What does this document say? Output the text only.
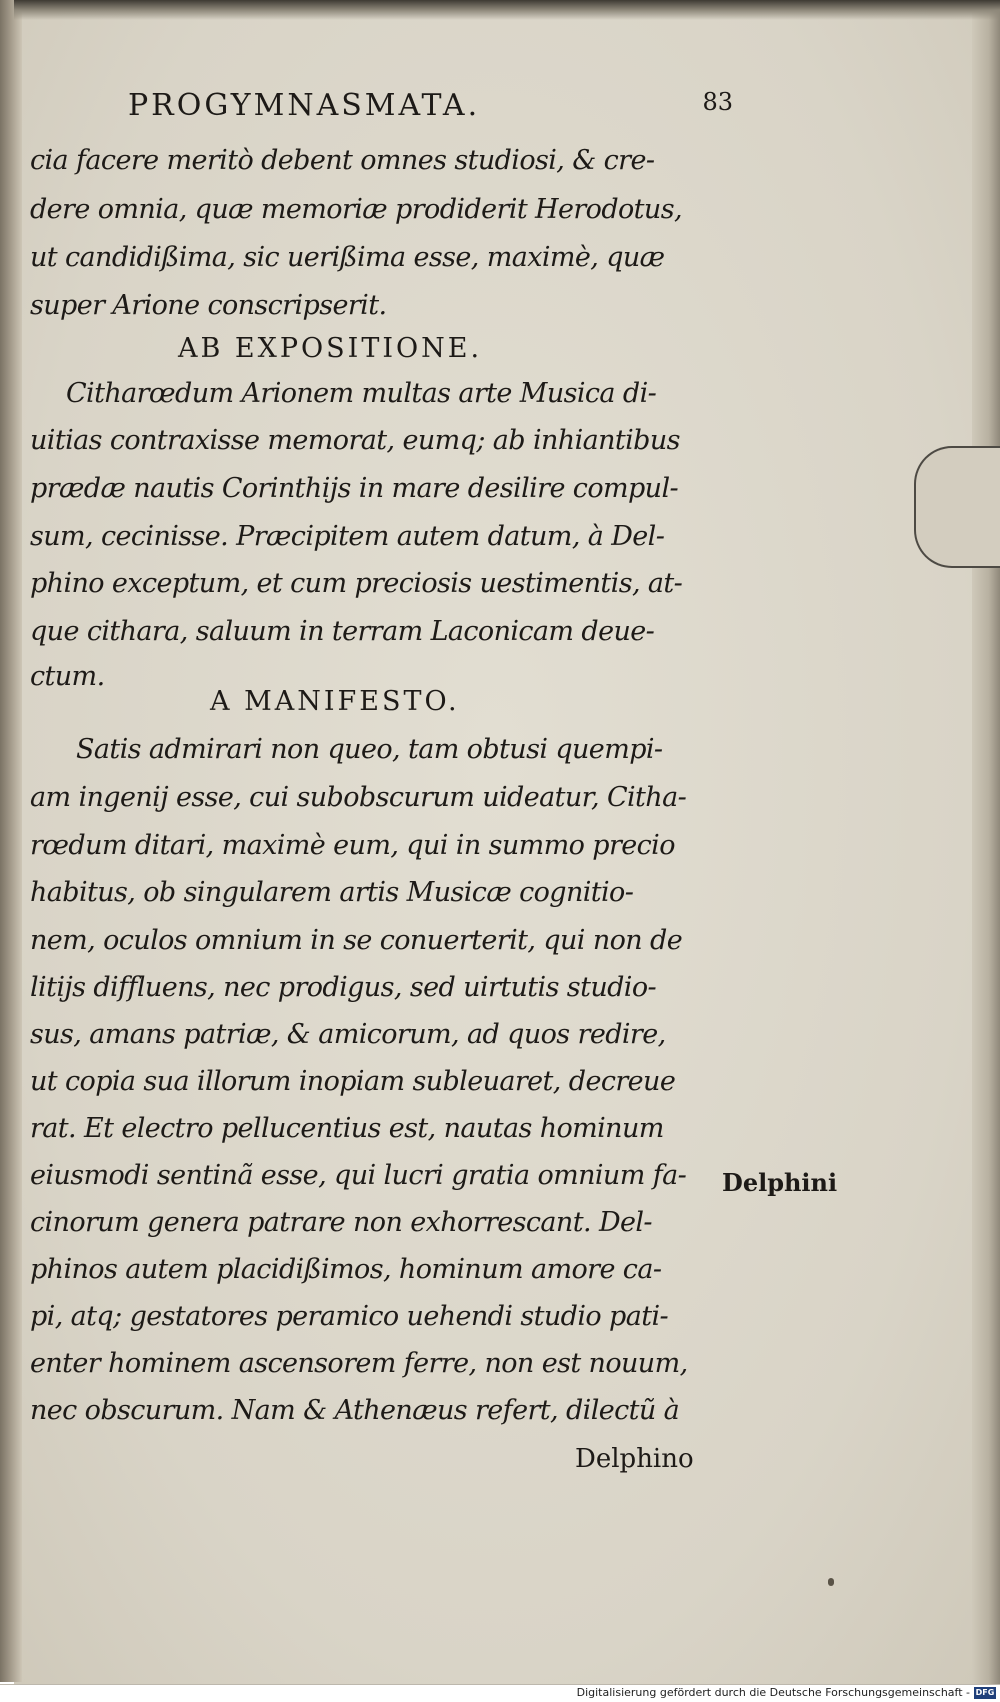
PROGYMNASMATA.	83
cia facere meritò debent omnes studiosi, & cre-
dere omnia, quæ memoriæ prodiderit Herodotus,
ut candidißima, sic uerißima esse, maximè, quæ
super Arione conscripserit.
AB EXPOSITIONE.
Citharœdum Arionem multas arte Musica di-
uitias contraxisse memorat, eumq; ab inhiantibus
prædæ nautis Corinthijs in mare desilire compul-
sum, cecinisse. Præcipitem autem datum, à Del-
phino exceptum, et cum preciosis uestimentis, at-
que cithara, saluum in terram Laconicam deue-
ctum.
A MANIFESTO.
Satis admirari non queo, tam obtusi quempi-
am ingenij esse, cui subobscurum uideatur, Citha-
rœdum ditari, maximè eum, qui in summo precio
habitus, ob singularem artis Musicæ cognitio-
nem, oculos omnium in se conuerterit, qui non de
litijs diffluens, nec prodigus, sed uirtutis studio-
sus, amans patriæ, & amicorum, ad quos redire,
ut copia sua illorum inopiam subleuaret, decreue
rat. Et electro pellucentius est, nautas hominum
eiusmodi sentinã esse, qui lucri gratia omnium fa-
cinorum genera patrare non exhorrescant. Del-
phinos autem placidißimos, hominum amore ca-
pi, atq; gestatores peramico uehendi studio pati-
enter hominem ascensorem ferre, non est nouum,
nec obscurum. Nam & Athenæus refert, dilectũ à
Delphino
Delphini
Digitalisierung gefördert durch die Deutsche Forschungsgemeinschaft - DFG
